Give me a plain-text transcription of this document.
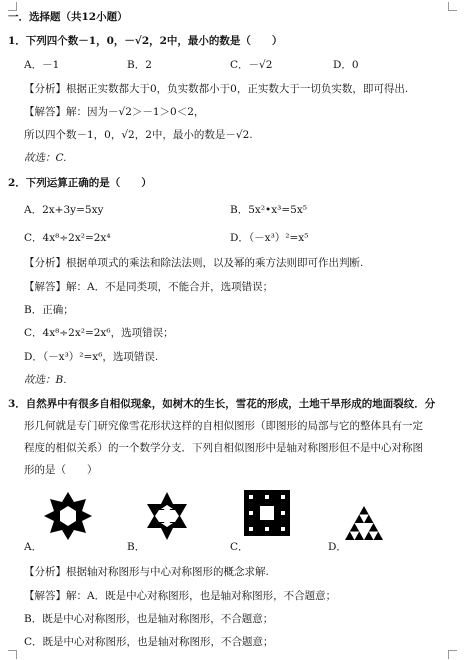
一．选择题（共12小题）
1．下列四个数－1，0，－√2，2中，最小的数是（　　）
A．－1	B．2	C．－√2	D．0
【分析】根据正实数都大于0，负实数都小于0，正实数大于一切负实数，即可得出.
【解答】解：因为－√2＞－1＞0＜2，
所以四个数－1，0，√2，2中，最小的数是－√2.
故选：C.
2．下列运算正确的是（　　）
A．2x+3y=5xy	B．5x²•x³=5x⁵
C．4x⁸÷2x²=2x⁴	D．（－x³）²=x⁵
【分析】根据单项式的乘法和除法法则，以及幂的乘方法则即可作出判断.
【解答】解：A．不是同类项，不能合并，选项错误；
B．正确；
C．4x⁸÷2x²=2x⁶，选项错误；
D．（－x³）²=x⁶，选项错误.
故选：B.
3．自然界中有很多自相似现象，如树木的生长，雪花的形成，土地干旱形成的地面裂纹．分
形几何就是专门研究像雪花形状这样的自相似图形（即图形的局部与它的整体具有一定
程度的相似关系）的一个数学分支．下列自相似图形中是轴对称图形但不是中心对称图
形的是（　　）
A．	B．	C．	D．
【分析】根据轴对称图形与中心对称图形的概念求解.
【解答】解：A．既是中心对称图形，也是轴对称图形，不合题意；
B．既是中心对称图形，也是轴对称图形，不合题意；
C．既是中心对称图形，也是轴对称图形，不合题意；
